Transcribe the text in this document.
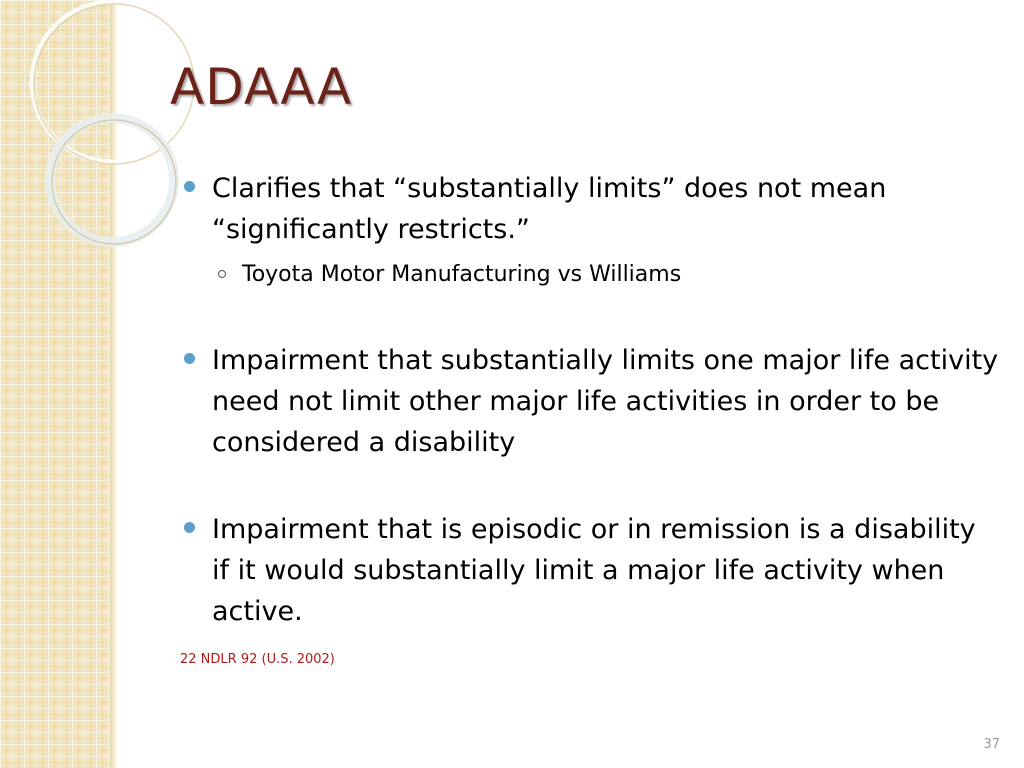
ADAAA
Clarifies that “substantially limits” does not mean “significantly restricts.”
Toyota Motor Manufacturing vs Williams
Impairment that substantially limits one major life activity need not limit other major life activities in order to be considered a disability
Impairment that is episodic or in remission is a disability if it would substantially limit a major life activity when active.
22 NDLR 92 (U.S. 2002)
37
